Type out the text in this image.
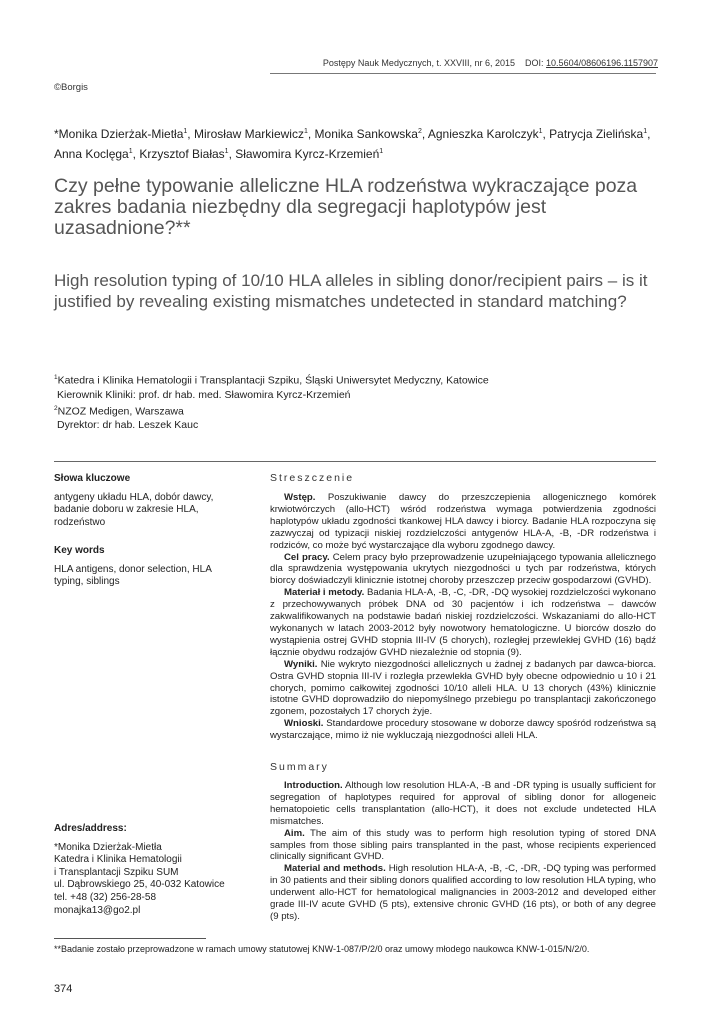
Postępy Nauk Medycznych, t. XXVIII, nr 6, 2015 DOI: 10.5604/08606196.1157907
©Borgis
*Monika Dzierżak-Mietła$^1$, Mirosław Markiewicz$^1$, Monika Sankowska$^2$, Agnieszka Karolczyk$^1$, Patrycja Zielińska$^1$, Anna Koclęga$^1$, Krzysztof Białas$^1$, Sławomira Kyrcz-Krzemień$^1$
Czy pełne typowanie alleliczne HLA rodzeństwa wykraczające poza zakres badania niezbędny dla segregacji haplotypów jest uzasadnione?**
High resolution typing of 10/10 HLA alleles in sibling donor/recipient pairs – is it justified by revealing existing mismatches undetected in standard matching?
$^1$Katedra i Klinika Hematologii i Transplantacji Szpiku, Śląski Uniwersytet Medyczny, Katowice
Kierownik Kliniki: prof. dr hab. med. Sławomira Kyrcz-Krzemień
$^2$NZOZ Medigen, Warszawa
Dyrektor: dr hab. Leszek Kauc
Słowa kluczowe
antygeny układu HLA, dobór dawcy, badanie doboru w zakresie HLA, rodzeństwo
Key words
HLA antigens, donor selection, HLA typing, siblings
Adres/address:
*Monika Dzierżak-Mietła
Katedra i Klinika Hematologii
i Transplantacji Szpiku SUM
ul. Dąbrowskiego 25, 40-032 Katowice
tel. +48 (32) 256-28-58
monajka13@go2.pl
Streszczenie

Wstęp. Poszukiwanie dawcy do przeszczepienia allogenicznego komórek krwiotwórczych (allo-HCT) wśród rodzeństwa wymaga potwierdzenia zgodności haplotypów układu zgodności tkankowej HLA dawcy i biorcy. Badanie HLA rozpoczyna się zazwyczaj od typizacji niskiej rozdzielczości antygenów HLA-A, -B, -DR rodzeństwa i rodziców, co może być wystarczające dla wyboru zgodnego dawcy.

Cel pracy. Celem pracy było przeprowadzenie uzupełniającego typowania allelicznego dla sprawdzenia występowania ukrytych niezgodności u tych par rodzeństwa, których biorcy doświadczyli klinicznie istotnej choroby przeszczep przeciw gospodarzowi (GVHD).

Materiał i metody. Badania HLA-A, -B, -C, -DR, -DQ wysokiej rozdzielczości wykonano z przechowywanych próbek DNA od 30 pacjentów i ich rodzeństwa – dawców zakwalifikowanych na podstawie badań niskiej rozdzielczości. Wskazaniami do allo-HCT wykonanych w latach 2003-2012 były nowotwory hematologiczne. U biorców doszło do wystąpienia ostrej GVHD stopnia III-IV (5 chorych), rozległej przewlekłej GVHD (16) bądź łącznie obydwu rodzajów GVHD niezależnie od stopnia (9).

Wyniki. Nie wykryto niezgodności allelicznych u żadnej z badanych par dawca-biorca. Ostra GVHD stopnia III-IV i rozległa przewlekła GVHD były obecne odpowiednio u 10 i 21 chorych, pomimo całkowitej zgodności 10/10 alleli HLA. U 13 chorych (43%) klinicznie istotne GVHD doprowadziło do niepomyślnego przebiegu po transplantacji zakończonego zgonem, pozostałych 17 chorych żyje.

Wnioski. Standardowe procedury stosowane w doborze dawcy spośród rodzeństwa są wystarczające, mimo iż nie wykluczają niezgodności alleli HLA.

Summary

Introduction. Although low resolution HLA-A, -B and -DR typing is usually sufficient for segregation of haplotypes required for approval of sibling donor for allogeneic hematopoietic cells transplantation (allo-HCT), it does not exclude undetected HLA mismatches.

Aim. The aim of this study was to perform high resolution typing of stored DNA samples from those sibling pairs transplanted in the past, whose recipients experienced clinically significant GVHD.

Material and methods. High resolution HLA-A, -B, -C, -DR, -DQ typing was performed in 30 patients and their sibling donors qualified according to low resolution HLA typing, who underwent allo-HCT for hematological malignancies in 2003-2012 and developed either grade III-IV acute GVHD (5 pts), extensive chronic GVHD (16 pts), or both of any degree (9 pts).

**Badanie zostało przeprowadzone w ramach umowy statutowej KNW-1-087/P/2/0 oraz umowy młodego naukowca KNW-1-015/N/2/0.
374
